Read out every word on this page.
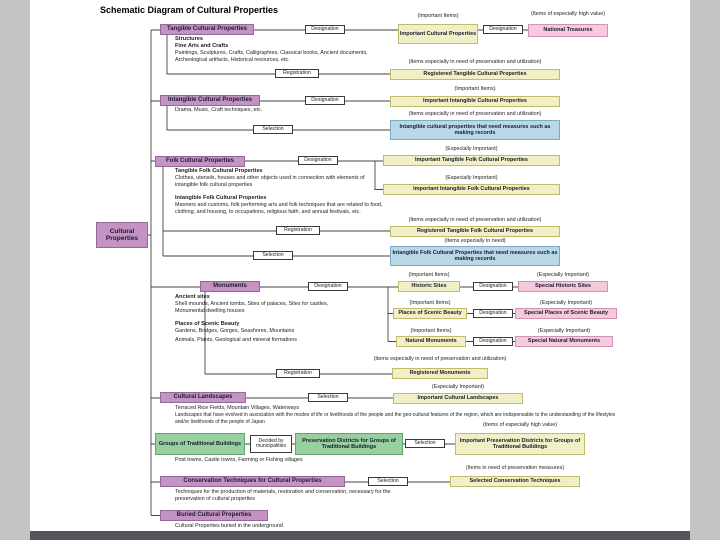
Schematic Diagram of Cultural Properties
Cultural Properties
Tangible Cultural Properties
Structures
Fine Arts and Crafts
Paintings, Sculptures, Crafts, Calligraphies, Classical books, Ancient documents, Archeological artifacts, Historical resources, etc.
Designation
(Important Items)
Important Cultural Properties
Designation
(Items of especially high value)
National Treasures
(Items especially in need of preservation and utilization)
Registration	Registered Tangible Cultural Properties
Intangible Cultural Properties
Drama, Music, Craft techniques, etc.
(Important Items)
Designation	Important Intangible Cultural Properties
(Items especially in need of preservation and utilization)
Selection	Intangible cultural properties that need measures such as making records
Folk Cultural Properties
Tangible Folk Cultural Properties
Clothes, utensils, houses and other objects used in connection with elements of intangible folk cultural properties
Intangible Folk Cultural Properties
Manners and customs, folk performing arts and folk techniques that are related to food, clothing, and housing, to occupations, religious faith, and annual festivals, etc.
Designation
(Especially Important)
Important Tangible Folk Cultural Properties
(Especially Important)
Important Intangible Folk Cultural Properties
(Items especially in need of preservation and utilization)
Registration	Registered Tangible Folk Cultural Properties
(Items especially in need)
Selection	Intangible Folk Cultural Properties that need measures such as making records
Monuments
Ancient sites
Shell mounds, Ancient tombs, Sites of palaces, Sites for castles, Monumental dwelling houses
Places of Scenic Beauty
Gardens, Bridges, Gorges, Seashores, Mountains
Animals, Plants, Geological and mineral formations
Designation
(Important Items)
Historic Sites	Designation
(Especially Important)
Special Historic Sites
(Important Items)
Places of Scenic Beauty	Designation
(Especially Important)
Special Places of Scenic Beauty
(Important Items)
Natural Monuments	Designation
(Especially Important)
Special Natural Monuments
(Items especially in need of preservation and utilization)
Registration	Registered Monuments
Cultural Landscapes
Terraced Rice Fields, Mountain Villages, Waterways
Landscapes that have evolved in association with the modes of life or livelihoods of the people and the geo-cultural features of the region, which are indispensable to the understanding of the lifestyles and/or livelihoods of the people of Japan
Selection
(Especially Important)
Important Cultural Landscapes
Groups of Traditional Buildings
Decided by municipalities
Preservation Districts for Groups of Traditional Buildings
Selection
(Items of especially high value)
Important Preservation Districts for Groups of Traditional Buildings
Post towns, Castle towns, Farming or Fishing villages
Conservation Techniques for Cultural Properties	Selection
(Items in need of preservation measures)
Selected Conservation Techniques
Techniques for the production of materials, restoration and conservation, necessary for the preservation of cultural properties
Buried Cultural Properties
Cultural Properties buried in the underground
